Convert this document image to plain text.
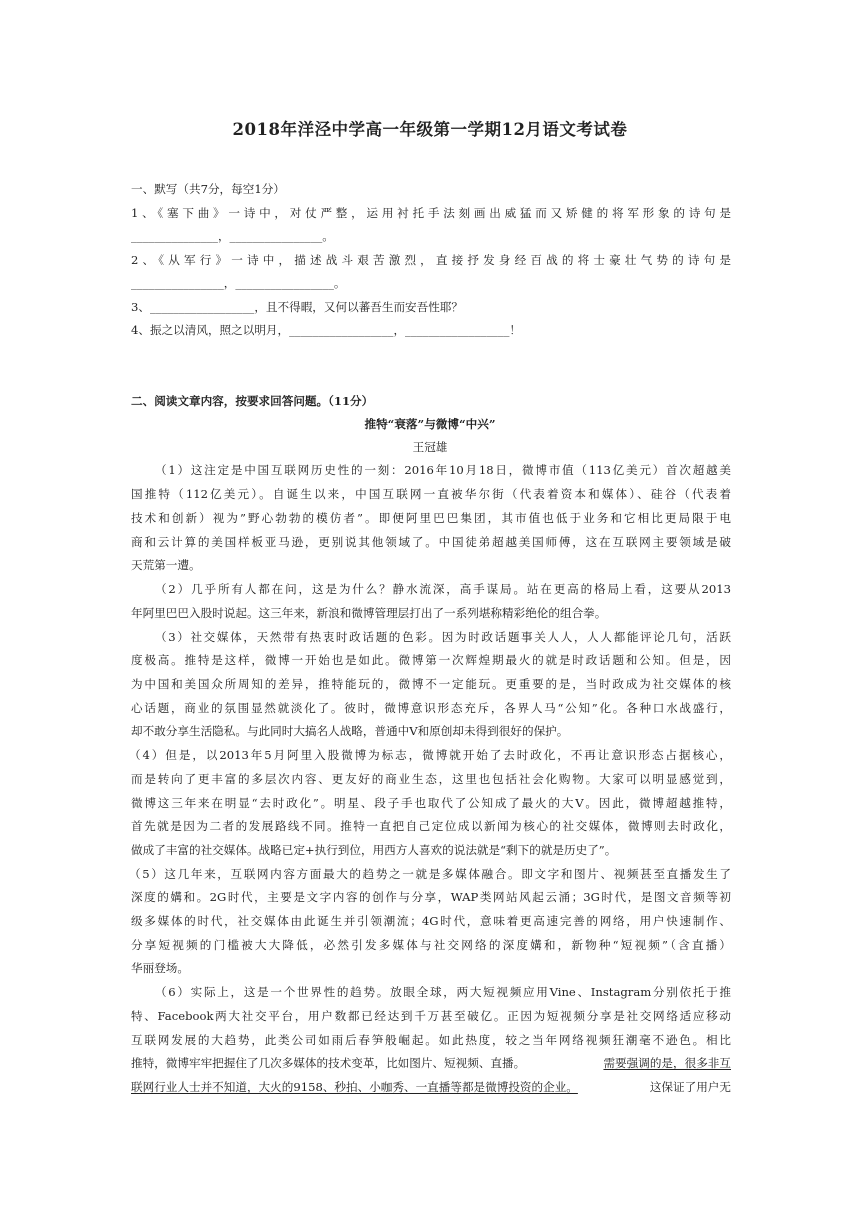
2018年洋泾中学高一年级第一学期12月语文考试卷
一、默写（共7分，每空1分）
1、《塞下曲》一诗中，对仗严整，运用衬托手法刻画出威猛而又矫健的将军形象的诗句是
_______________，________________。
2、《从军行》一诗中，描述战斗艰苦激烈，直接抒发身经百战的将士豪壮气势的诗句是
________________，_________________。
3、__________________，且不得暇，又何以蕃吾生而安吾性耶？
4、振之以清风，照之以明月，__________________，__________________！
二、阅读文章内容，按要求回答问题。（11分）
推特“衰落”与微博“中兴”
王冠雄
（1）这注定是中国互联网历史性的一刻：2016年10月18日，微博市值（113亿美元）首次超越美
国推特（112亿美元）。自诞生以来，中国互联网一直被华尔街（代表着资本和媒体）、硅谷（代表着
技术和创新）视为”野心勃勃的模仿者”。即便阿里巴巴集团，其市值也低于业务和它相比更局限于电
商和云计算的美国样板亚马逊，更别说其他领域了。中国徒弟超越美国师傅，这在互联网主要领域是破
天荒第一遭。
（2）几乎所有人都在问，这是为什么？静水流深，高手谋局。站在更高的格局上看，这要从2013
年阿里巴巴入股时说起。这三年来，新浪和微博管理层打出了一系列堪称精彩绝伦的组合拳。
（3）社交媒体，天然带有热衷时政话题的色彩。因为时政话题事关人人，人人都能评论几句，活跃
度极高。推特是这样，微博一开始也是如此。微博第一次辉煌期最火的就是时政话题和公知。但是，因
为中国和美国众所周知的差异，推特能玩的，微博不一定能玩。更重要的是，当时政成为社交媒体的核
心话题，商业的氛围显然就淡化了。彼时，微博意识形态充斥，各界人马“公知”化。各种口水战盛行，
却不敢分享生活隐私。与此同时大搞名人战略，普通中V和原创却未得到很好的保护。
（4）但是，以2013年5月阿里入股微博为标志，微博就开始了去时政化，不再让意识形态占据核心，
而是转向了更丰富的多层次内容、更友好的商业生态，这里也包括社会化购物。大家可以明显感觉到，
微博这三年来在明显“去时政化”。明星、段子手也取代了公知成了最火的大V。因此，微博超越推特，
首先就是因为二者的发展路线不同。推特一直把自己定位成以新闻为核心的社交媒体，微博则去时政化，
做成了丰富的社交媒体。战略已定+执行到位，用西方人喜欢的说法就是“剩下的就是历史了”。
（5）这几年来，互联网内容方面最大的趋势之一就是多媒体融合。即文字和图片、视频甚至直播发生了
深度的媾和。2G时代，主要是文字内容的创作与分享，WAP类网站风起云涌；3G时代，是图文音频等初
级多媒体的时代，社交媒体由此诞生并引领潮流；4G时代，意味着更高速完善的网络，用户快速制作、
分享短视频的门槛被大大降低，必然引发多媒体与社交网络的深度媾和，新物种“短视频”（含直播）
华丽登场。
（6）实际上，这是一个世界性的趋势。放眼全球，两大短视频应用Vine、Instagram分别依托于推
特、Facebook两大社交平台，用户数都已经达到千万甚至破亿。正因为短视频分享是社交网络适应移动
互联网发展的大趋势，此类公司如雨后春笋般崛起。如此热度，较之当年网络视频狂潮毫不逊色。相比
推特，微博牢牢把握住了几次多媒体的技术变革，比如图片、短视频、直播。	需要强调的是，很多非互
联网行业人士并不知道，大火的9158、秒拍、小咖秀、一直播等都是微博投资的企业。	这保证了用户无
